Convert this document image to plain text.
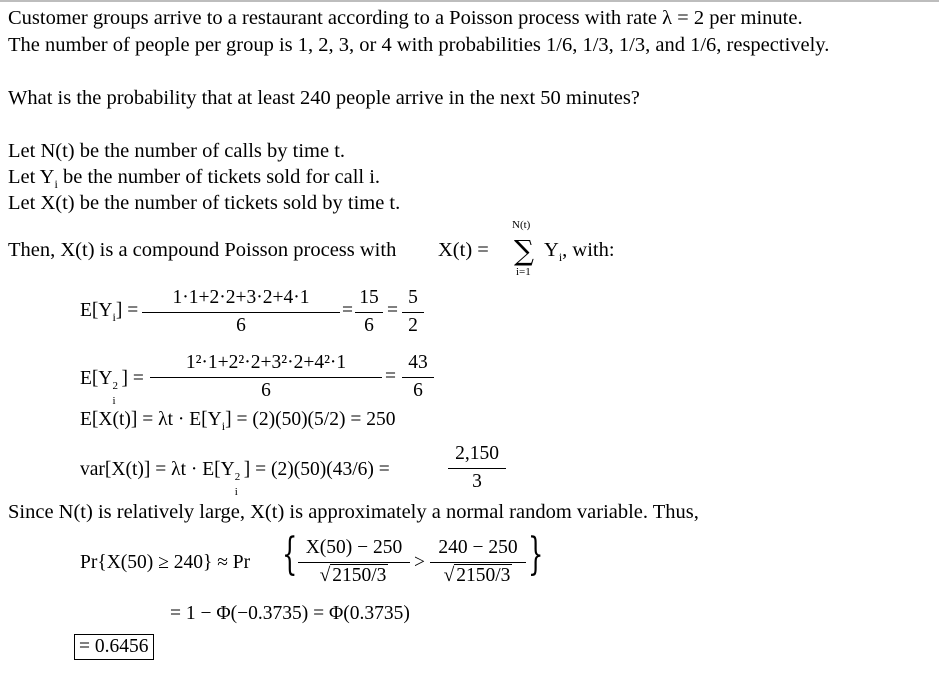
Customer groups arrive to a restaurant according to a Poisson process with rate λ = 2 per minute.
The number of people per group is 1, 2, 3, or 4 with probabilities 1/6, 1/3, 1/3, and 1/6, respectively.
What is the probability that at least 240 people arrive in the next 50 minutes?
Let N(t) be the number of calls by time t.
Let $Y_i$ be the number of tickets sold for call i.
Let X(t) be the number of tickets sold by time t.
Then, X(t) is a compound Poisson process with X(t) =
N(t)
∑
i=1
$Y_i$, with:
$E[Y_i] = \frac{1\cdot 1+2\cdot 2+3\cdot 2+4\cdot 1}{6} = \frac{15}{6} = \frac{5}{2}$
E[Y 2
i
] = $\frac{\text{1²·1+2²·2+3²·2+4²·1}}{6} = \frac{43}{6}$
$E[X(t)] = \lambda t \cdot E[Y_i] = (2)(50)(5/2) = 250$
var[X(t)] = λt · E[Y 2
i
] = (2)(50)(43/6) =	$\frac{2,150}{3}$
Since N(t) is relatively large, X(t) is approximately a normal random variable. Thus,
Pr{X(50) ≥ 240} ≈ Pr { $\frac{X(50) - 250}{√ 2150/3} > \frac{240 - 250}{√ 2150/3}$ }
= 1 − Φ(−0.3735) = Φ(0.3735)
= 0.6456
